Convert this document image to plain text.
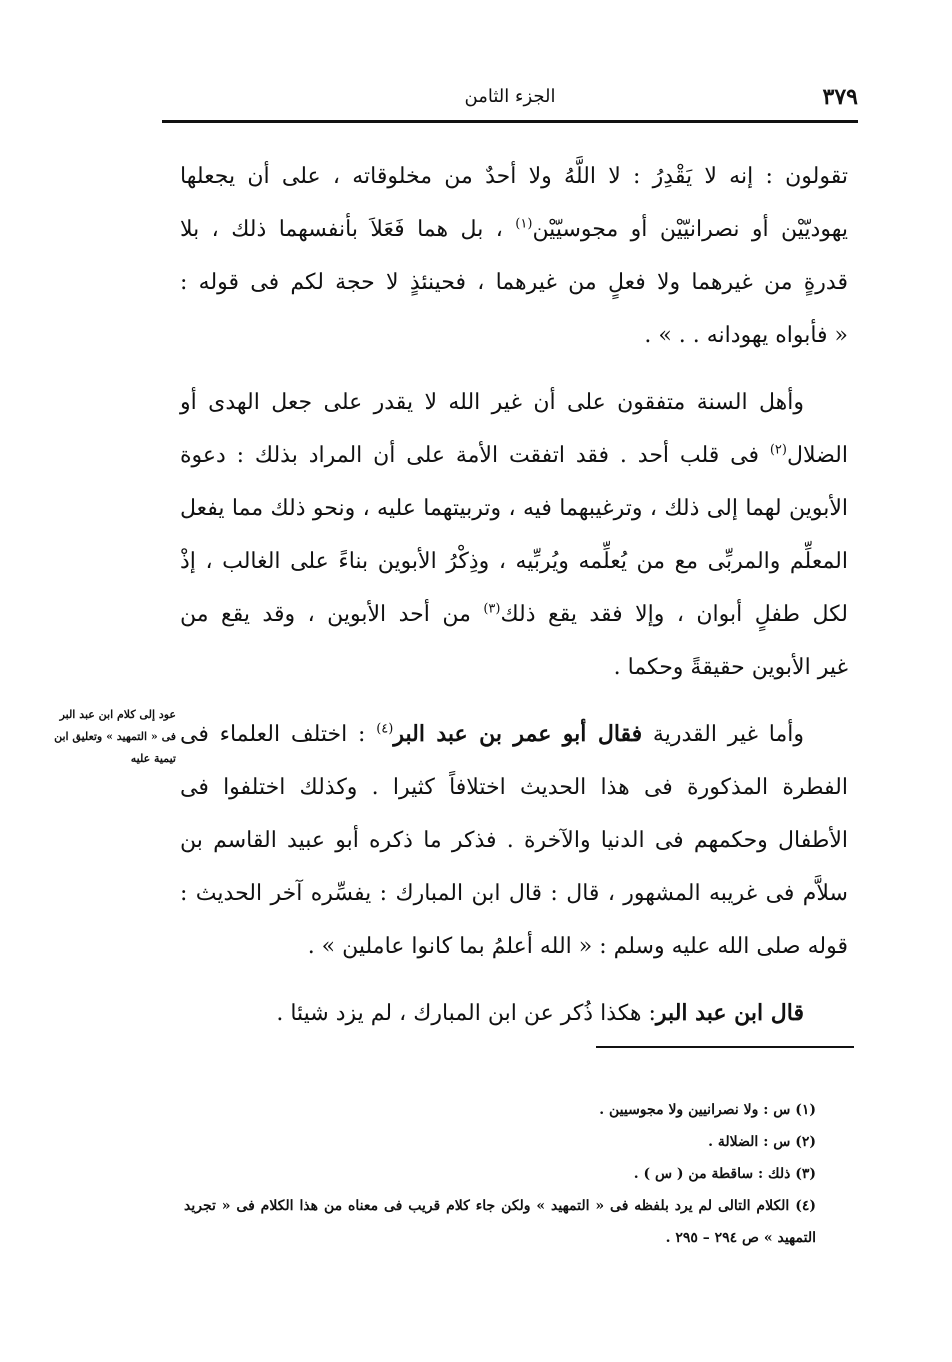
٣٧٩
الجزء الثامن

تقولون : إنه لا يَقْدِرُ : لا اللَّهُ ولا أحدٌ من مخلوقاته ، على أن يجعلها
يهوديّيْن أو نصرانيّيْن أو مجوسيّيْن$^{(١)}$ ، بل هما فَعَلاَ بأنفسهما ذلك ، بلا
قدرةٍ من غيرهما ولا فعلٍ من غيرهما ، فحينئذٍ لا حجة لكم فى قوله :
« فأبواه يهودانه . . » .

وأهل السنة متفقون على أن غير الله لا يقدر على جعل الهدى أو
الضلال$^{(٢)}$ فى قلب أحد . فقد اتفقت الأمة على أن المراد بذلك : دعوة
الأبوين لهما إلى ذلك ، وترغيبهما فيه ، وتربيتهما عليه ، ونحو ذلك مما يفعل
المعلِّم والمربِّى مع من يُعلِّمه ويُربِّيه ، وذِكْرُ الأبوين بناءً على الغالب ، إذْ
لكل طفلٍ أبوان ، وإلا فقد يقع ذلك$^{(٣)}$ من أحد الأبوين ، وقد يقع من
غير الأبوين حقيقةً وحكما .

وأما غير القدرية فقال أبو عمر بن عبد البر$^{(٤)}$ : اختلف العلماء فى
الفطرة المذكورة فى هذا الحديث اختلافاً كثيرا . وكذلك اختلفوا فى
الأطفال وحكمهم فى الدنيا والآخرة . فذكر ما ذكره أبو عبيد القاسم بن
سلاَّم فى غريبه المشهور ، قال : قال ابن المبارك : يفسِّره آخر الحديث :
قوله صلى الله عليه وسلم : « الله أعلمُ بما كانوا عاملين » .

قال ابن عبد البر: هكذا ذُكر عن ابن المبارك ، لم يزد شيئا .

عود إلى كلام ابن عبد البر
فى « التمهيد » وتعليق ابن
تيمية عليه
(١) س : ولا نصرانيين ولا مجوسيين .
(٢) س : الضلالة .
(٣) ذلك : ساقطة من ( س ) .
(٤) الكلام التالى لم يرد بلفظه فى « التمهيد » ولكن جاء كلام قريب فى معناه من هذا الكلام فى « تجريد التمهيد » ص ٢٩٤ – ٢٩٥ .
